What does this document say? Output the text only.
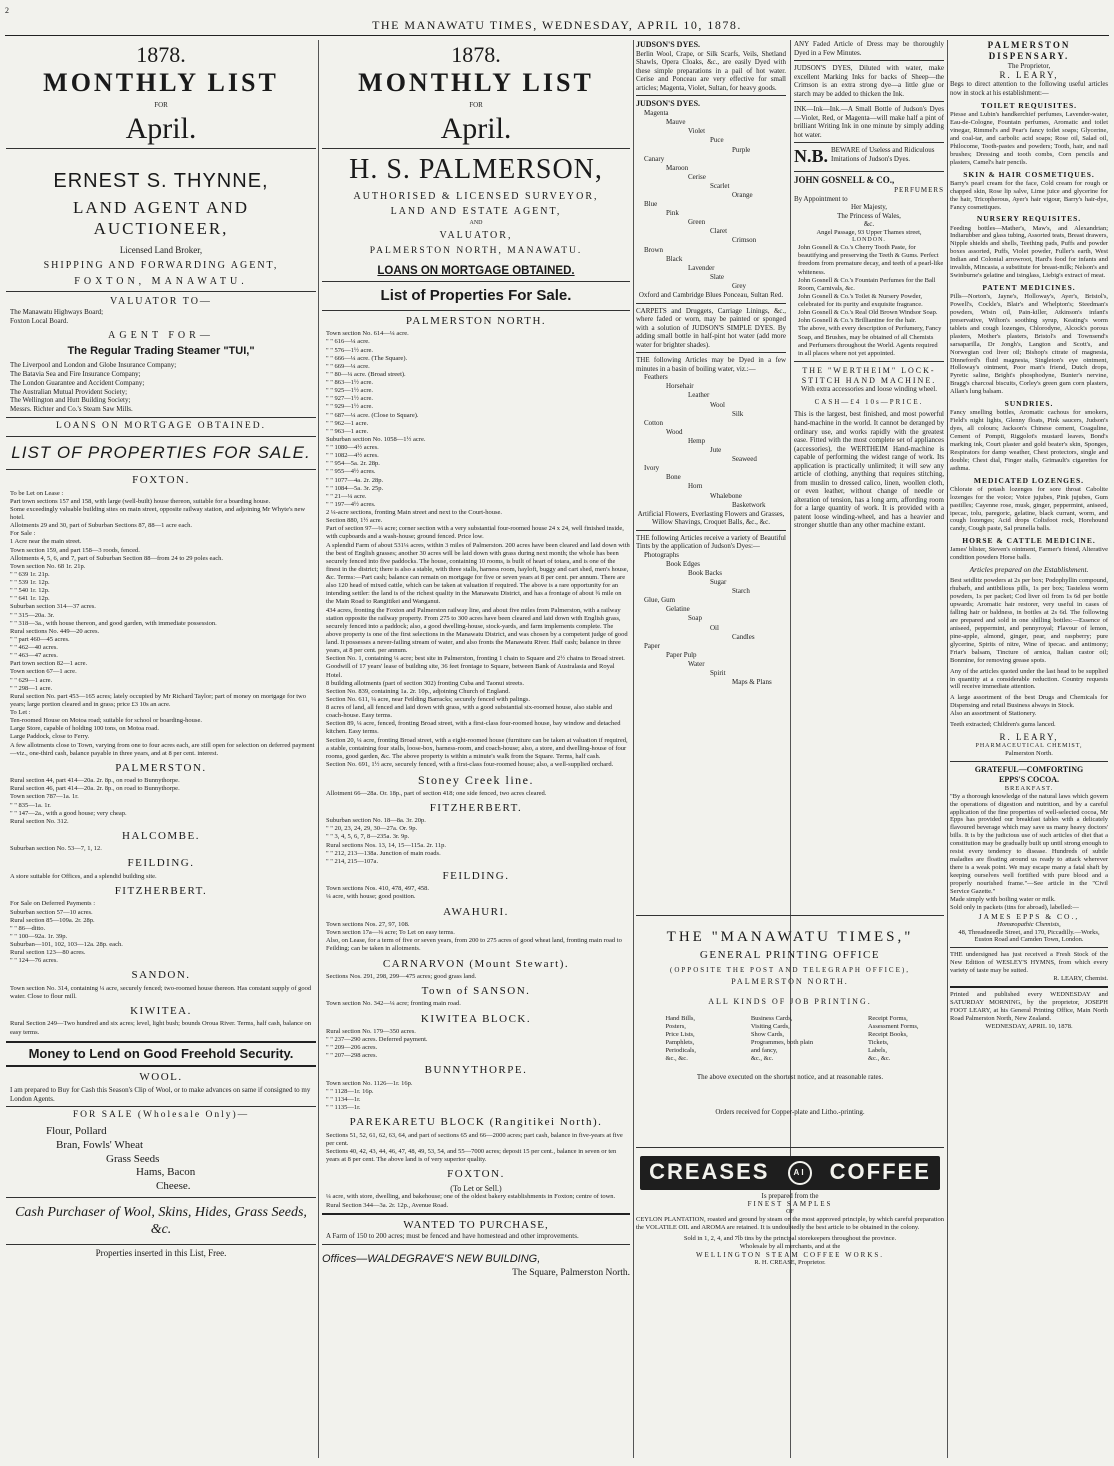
2
THE MANAWATU TIMES, WEDNESDAY, APRIL 10, 1878.
1878.
MONTHLY LIST
FOR
April.
ERNEST S. THYNNE,
LAND AGENT AND AUCTIONEER,
Licensed Land Broker,
SHIPPING AND FORWARDING AGENT,
FOXTON, MANAWATU.
VALUATOR TO—
The Manawatu Highways Board;
Foxton Local Board.
AGENT FOR—
The Regular Trading Steamer "TUI,"
The Liverpool and London and Globe Insurance Company;
The Batavia Sea and Fire Insurance Company;
The London Guarantee and Accident Company;
The Australian Mutual Provident Society;
The Wellington and Hutt Building Society;
Messrs. Richter and Co.'s Steam Saw Mills.
LOANS ON MORTGAGE OBTAINED.
LIST OF PROPERTIES FOR SALE.
FOXTON.
To be Let on Lease :
Part town sections 157 and 158, with large (well-built) house thereon, suitable for a boarding house.
Some exceedingly valuable building sites on main street, opposite railway station, and adjoining Mr Whyte's new hotel.
Allotments 29 and 30, part of Suburban Sections 87, 88—1 acre each.
For Sale :
1 Acre near the main street.
Town section 159, and part 158—3 roods, fenced.
Allotments 4, 5, 6, and 7, part of Suburban Section 88—from 24 to 29 poles each.
Town section No. 68 1r. 21p.
" " 639 1r. 21p.
" " 539 1r. 12p.
" " 540 1r. 12p.
" " 641 1r. 12p.
Suburban section 314—37 acres.
" " 315—20a. 3r.
" " 318—3a., with house thereon, and good garden, with immediate possession.
Rural sections No. 449—20 acres.
" " part 460—45 acres.
" " 462—40 acres.
" " 463—47 acres.
Part town section 82—1 acre.
Town section 67—1 acre.
" " 629—1 acre.
" " 298—1 acre.
Rural section No. part 453—165 acres; lately occupied by Mr Richard Taylor; part of money on mortgage for two years; large portion cleared and in grass; price £3 10s an acre.
To Let :
Ten-roomed House on Motoa road; suitable for school or boarding-house.
Large Store, capable of holding 100 tons, on Motoa road.
Large Paddock, close to Ferry.
A few allotments close to Town, varying from one to four acres each, are still open for selection on deferred payment—viz., one-third cash, balance payable in three years, and at 8 per cent. interest.
PALMERSTON.
Rural section 44, part 414—20a. 2r. 8p., on road to Bunnythorpe.
Rural section 46, part 414—20a. 2r. 8p., on road to Bunnythorpe.
Town section 787—1a. 1r.
" " 835—1a. 1r.
" " 147—2a., with a good house; very cheap.
Rural section No. 312.
HALCOMBE.
Suburban section No. 53—7, 1, 12.
FEILDING.
A store suitable for Offices, and a splendid building site.
FITZHERBERT.
For Sale on Deferred Payments :
Suburban section 57—10 acres.
Rural section 85—109a. 2r. 28p.
" " 86—ditto.
" " 100—92a. 1r. 39p.
Suburban—101, 102, 103—12a. 28p. each.
Rural section 123—80 acres.
" " 124—76 acres.
SANDON.
Town section No. 314, containing ¼ acre, securely fenced; two-roomed house thereon. Has constant supply of good water. Close to flour mill.
KIWITEA.
Rural Section 249—Two hundred and six acres; level, light bush; bounds Oroua River. Terms, half cash, balance on easy terms.
Money to Lend on Good Freehold Security.
WOOL.
I am prepared to Buy for Cash this Season's Clip of Wool, or to make advances on same if consigned to my London Agents.
FOR SALE (Wholesale Only)—
Flour, Pollard
Bran, Fowls' Wheat
Grass Seeds
Hams, Bacon
Cheese.
Cash Purchaser of Wool, Skins, Hides, Grass Seeds, &c.
Properties inserted in this List, Free.
1878.
MONTHLY LIST
FOR
April.
H. S. PALMERSON,
AUTHORISED & LICENSED SURVEYOR,
LAND AND ESTATE AGENT,
AND
VALUATOR,
PALMERSTON NORTH, MANAWATU.
LOANS ON MORTGAGE OBTAINED.
List of Properties For Sale.
PALMERSTON NORTH.
Town section No. 614—¼ acre.
" " 616—¼ acre.
" " 576—1½ acre.
" " 666—¼ acre. (The Square).
" " 669—¼ acre.
" " 80—¼ acre. (Broad street).
" " 863—1½ acre.
" " 925—1½ acre.
" " 927—1½ acre.
" " 929—1½ acre.
" " 687—¼ acre. (Close to Square).
" " 962—1 acre.
" " 963—1 acre.
Suburban section No. 1058—1½ acre.
" " 1080—4½ acres.
" " 1082—4½ acres.
" " 954—5a. 2r. 28p.
" " 955—4½ acres.
" " 1077—4a. 2r. 28p.
" " 1084—5a. 3r. 25p.
" " 21—¼ acre.
" " 197—4½ acres.
2 ¼-acre sections, fronting Main street and next to the Court-house.
Section 880, 1½ acre.
Part of section 97—¼ acre; corner section with a very substantial four-roomed house 24 x 24, well finished inside, with cupboards and a wash-house; ground fenced. Price low.
A splendid Farm of about 531¼ acres, within 3 miles of Palmerston. 200 acres have been cleared and laid down with the best of English grasses; another 30 acres will be laid down with grass during next month; the whole has been securely fenced into five paddocks. The house, containing 10 rooms, is built of heart of totara, and is one of the finest in the district; there is also a stable, with three stalls, harness room, hayloft, buggy and cart shed, men's house, &c. Terms:—Part cash; balance can remain on mortgage for five or seven years at 8 per cent. per annum. There are also 120 head of mixed cattle, which can be taken at valuation if required. The above is a rare opportunity for an intending settler: the land is of the richest quality in the Manawatu District, and has a frontage of about ¾ mile on the Main Road to Rangitikei and Wanganui.
434 acres, fronting the Foxton and Palmerston railway line, and about five miles from Palmerston, with a railway station opposite the railway property. From 275 to 300 acres have been cleared and laid down with English grass, securely fenced into a paddock; also, a good dwelling-house, stock-yards, and farm implements complete. The above property is one of the first selections in the Manawatu District, and was chosen by a competent judge of good land. It possesses a never-failing stream of water, and also fronts the Manawatu River. Half cash; balance in three years, at 8 per cent. per annum.
Section No. 1, containing ¼ acre; best site in Palmerston, fronting 1 chain to Square and 2½ chains to Broad street.
Goodwill of 17 years' lease of building site, 36 feet frontage to Square, between Bank of Australasia and Royal Hotel.
8 building allotments (part of section 302) fronting Cuba and Taonui streets.
Section No. 839, containing 1a. 2r. 10p., adjoining Church of England.
Section No. 611, ¼ acre, near Feilding Barracks; securely fenced with palings.
8 acres of land, all fenced and laid down with grass, with a good substantial six-roomed house, also stable and coach-house. Easy terms.
Section 89, ¼ acre, fenced, fronting Broad street, with a first-class four-roomed house, bay window and detached kitchen. Easy terms.
Section 20, ¼ acre, fronting Broad street, with a eight-roomed house (furniture can be taken at valuation if required, a stable, containing four stalls, loose-box, harness-room, and coach-house; also, a store, and dwelling-house of four rooms, good garden, &c. The above property is within a minute's walk from the Square. Terms, half cash.
Section No. 691, 1½ acre, securely fenced, with a first-class four-roomed house; also, a well-supplied orchard.
Stoney Creek line.
Allotment 66—28a. Or. 18p., part of section 418; one side fenced, two acres cleared.
FITZHERBERT.
Suburban section No. 18—8a. 3r. 20p.
" " 20, 23, 24, 29, 30—27a. Or. 9p.
" " 3, 4, 5, 6, 7, 8—235a. 3r. 9p.
Rural sections Nos. 13, 14, 15—115a. 2r. 11p.
" " 212, 213—138a. Junction of main roads.
" " 214, 215—107a.
FEILDING.
Town sections Nos. 410, 478, 497, 458.
¼ acre, with house; good position.
AWAHURI.
Town sections Nos. 27, 97, 108.
Town section 17a—¼ acre; To Let on easy terms.
Also, on Lease, for a term of five or seven years, from 200 to 275 acres of good wheat land, fronting main road to Feilding; can be taken in allotments.
CARNARVON (Mount Stewart).
Sections Nos. 291, 298, 299—475 acres; good grass land.
Town of SANSON.
Town section No. 342—¼ acre; fronting main road.
KIWITEA BLOCK.
Rural section No. 179—350 acres.
" " 237—290 acres. Deferred payment.
" " 209—206 acres.
" " 207—298 acres.
BUNNYTHORPE.
Town section No. 1126—1r. 16p.
" " 1128—1r. 16p.
" " 1134—1r.
" " 1135—1r.
PAREKARETU BLOCK (Rangitikei North).
Sections 51, 52, 61, 62, 63, 64, and part of sections 65 and 66—2000 acres; part cash, balance in five-years at five per cent.
Sections 40, 42, 43, 44, 46, 47, 48, 49, 53, 54, and 55—7000 acres; deposit 15 per cent., balance in seven or ten years at 8 per cent. The above land is of very superior quality.
FOXTON.
(To Let or Sell.)
¼ acre, with store, dwelling, and bakehouse; one of the oldest bakery establishments in Foxton; centre of town.
Rural Section 344—3a. 2r. 12p., Avenue Road.
WANTED TO PURCHASE,
A Farm of 150 to 200 acres; must be fenced and have homestead and other improvements.
Offices—WALDEGRAVE'S NEW BUILDING,
The Square, Palmerston North.
JUDSON'S DYES.
Berlin Wool, Crape, or Silk Scarfs, Veils, Shetland Shawls, Opera Cloaks, &c., are easily Dyed with these simple preparations in a pail of hot water. Cerise and Ponceau are very effective for small articles; Magenta, Violet, Sultan, for heavy goods.
JUDSON'S DYES.
Magenta
Mauve
Violet
Puce
Purple
Canary
Maroon
Cerise
Scarlet
Orange
Blue
Pink
Green
Claret
Crimson
Brown
Black
Lavender
Slate
Grey
Oxford and Cambridge Blues Ponceau, Sultan Red.
CARPETS and Druggets, Carriage Linings, &c., where faded or worn, may be painted or sponged with a solution of JUDSON'S SIMPLE DYES. By adding small bottle in half-pint hot water (add more water for brighter shades).
THE following Articles may be Dyed in a few minutes in a basin of boiling water, viz.:—
Feathers
Horsehair
Leather
Wool
Silk
Cotton
Wood
Hemp
Jute
Seaweed
Ivory
Bone
Horn
Whalebone
Basketwork
Artificial Flowers, Everlasting Flowers and Grasses, Willow Shavings, Croquet Balls, &c., &c.
THE following Articles receive a variety of Beautiful Tints by the application of Judson's Dyes:—
Photographs
Book Edges
Book Backs
Sugar
Starch
Glue, Gum
Gelatine
Soap
Oil
Candles
Paper
Paper Pulp
Water
Spirit
Maps & Plans
ANY Faded Article of Dress may be thoroughly Dyed in a Few Minutes.
JUDSON'S DYES, Diluted with water, make excellent Marking Inks for backs of Sheep—the Crimson is an extra strong dye—a little glue or starch may be added to thicken the Ink.
INK—Ink—Ink.—A Small Bottle of Judson's Dyes—Violet, Red, or Magenta—will make half a pint of brilliant Writing Ink in one minute by simply adding hot water.
N.B. BEWARE of Useless and Ridiculous Imitations of Judson's Dyes.
JOHN GOSNELL & CO.,
PERFUMERS
By Appointment to
Her Majesty,
The Princess of Wales,
&c.
Angel Passage, 93 Upper Thames street,
LONDON.
John Gosnell & Co.'s Cherry Tooth Paste, for beautifying and preserving the Teeth & Gums. Perfect freedom from premature decay, and teeth of a pearl-like whiteness.
John Gosnell & Co.'s Fountain Perfumes for the Ball Room, Carnivals, &c.
John Gosnell & Co.'s Toilet & Nursery Powder, celebrated for its purity and exquisite fragrance.
John Gosnell & Co.'s Real Old Brown Windsor Soap.
John Gosnell & Co.'s Brilliantine for the hair.
The above, with every description of Perfumery, Fancy Soap, and Brushes, may be obtained of all Chemists and Perfumers throughout the World. Agents required in all places where not yet appointed.
THE "WERTHEIM" LOCK-STITCH HAND MACHINE.
With extra accessories and loose winding wheel.
CASH—£4 10s—PRICE.
This is the largest, best finished, and most powerful hand-machine in the world. It cannot be deranged by ordinary use, and works rapidly with the greatest ease. Fitted with the most complete set of appliances (accessories), the WERTHEIM Hand-machine is capable of performing the widest range of work. Its application is practically unlimited; it will sew any article of clothing, anything that requires stitching, from muslin to dressed calico, linen, woollen cloth, or even leather, without change of needle or alteration of tension, has a long arm, affording room for a large quantity of work. It is provided with a patent loose winding-wheel, and has a heavier and stronger shuttle than any other machine extant.
THE "MANAWATU TIMES,"
GENERAL PRINTING OFFICE
(OPPOSITE THE POST AND TELEGRAPH OFFICE),
PALMERSTON NORTH.
ALL KINDS OF JOB PRINTING.
Hand Bills,
Posters,
Price Lists,
Pamphlets,
Periodicals,
&c., &c.
Business Cards,
Visiting Cards,
Show Cards,
Programmes, both plain
and fancy,
&c., &c.
Receipt Forms,
Assessment Forms,
Receipt Books,
Tickets,
Labels,
&c., &c.
The above executed on the shortest notice, and at reasonable rates.
Orders received for Copper-plate and Litho.-printing.
CREASES	AI COFFEE
Is prepared from the
FINEST SAMPLES
OF
CEYLON PLANTATION, roasted and ground by steam on the most approved principle, by which careful preparation the VOLATILE OIL and AROMA are retained. It is undoubtedly the best article to be obtained in the colony.
Sold in 1, 2, 4, and 7lb tins by the principal storekeepers throughout the province.
Wholesale by all merchants, and at the
WELLINGTON STEAM COFFEE WORKS.
R. H. CREASE, Proprietor.
PALMERSTON DISPENSARY.
The Proprietor,
R. LEARY,
Begs to direct attention to the following useful articles now in stock at his establishment:—
TOILET REQUISITES.
Piesse and Lubin's handkerchief perfumes, Lavender-water, Eau-de-Cologne, Fountain perfumes, Aromatic and toilet vinegar, Rimmel's and Pear's fancy toilet soaps; Glycerine, and coal-tar, and carbolic acid soaps; Rose oil, Salad oil, Philocome, Tooth-pastes and powders; Tooth, hair, and nail brushes; Dressing and tooth combs, Corn pencils and plasters, Camel's hair pencils.
SKIN & HAIR COSMETIQUES.
Barry's pearl cream for the face, Cold cream for rough or chapped skin, Rose lip salve, Lime juice and glycerine for the hair, Tricopherous, Ayer's hair vigour, Barry's hair-dye, Fancy cosmetiques.
NURSERY REQUISITES.
Feeding bottles—Mather's, Maw's, and Alexandrian; Indiarubber and glass tubing, Assorted teats, Breast drawers, Nipple shields and shells, Teething pads, Puffs and powder boxes assorted, Puffs, Violet powder, Fuller's earth, West Indian and Colonial arrowroot, Hard's food for infants and invalids, Mincasia, a substitute for breast-milk; Nelson's and Swinburne's gelatine and isinglass, Liebig's extract of meat.
PATENT MEDICINES.
Pills—Norton's, Jayne's, Holloway's, Ayer's, Bristol's, Powell's, Cockle's, Blair's and Whelpton's; Steedman's powders, Wisin oil, Pain-killer, Atkinson's infant's preservative, Wilton's soothing syrup, Keating's worm tablets and cough lozenges, Chlorodyne, Alcock's porous plasters, Mother's plasters, Bristol's and Townsend's sarsaparilla, Dr Jongh's, Langton and Scott's, and Norwegian cod liver oil; Bishop's citrate of magnesia, Dinneford's fluid magnesia, Singleton's eye ointment, Holloway's ointment, Poor man's friend, Dutch drops, Pyretic saline, Bright's phosphodyne, Bunter's nervine, Bragg's charcoal biscuits, Corley's green gum corn plasters, Allan's lung balsam.
SUNDRIES.
Fancy smelling bottles, Aromatic cachous for smokers, Field's night lights, Glenny floats, Pink saucers, Judson's dyes, all colours; Jackson's Chinese cement, Coaguline, Cement of Pompii, Riggolot's mustard leaves, Bond's marking ink, Court plaster and gold beater's skin, Sponges, Respirators for damp weather, Chest protectors, single and double; Chest dial, Finger stalls, Grimault's cigarettes for asthma.
MEDICATED LOZENGES.
Chlorate of potash lozenges for sore throat Cabolite lozenges for the voice; Voice jujubes, Pink jujubes, Gum pastilles; Cayenne rose, musk, ginger, peppermint, aniseed, ipecac, tolu, paregoric, gelatine, black currant, worm, and cough lozenges; Acid drops Coltsfoot rock, Horehound candy, Cough paste, Sal prunella balls.
HORSE & CATTLE MEDICINE.
James' blister, Steven's ointment, Farmer's friend, Alterative condition powders Horse balls.
Articles prepared on the Establishment.
Best seidlitz powders at 2s per box; Podophyllin compound, rhubarb, and antibilious pills, 1s per box; Tasteless worm powders, 1s per packet; Cod liver oil from 1s 6d per bottle upwards; Aromatic hair restorer, very useful in cases of falling hair or baldness, in bottles at 2s 6d. The following are prepared and sold in one shilling bottles:—Essence of aniseed, peppermint, and pennyroyal; Flavour of lemon, pine-apple, almond, ginger, pear, and raspberry; pure glycerine, Spirits of nitre, Wine of ipecac. and antimony; Friar's balsam, Tincture of arnica, Italian castor oil; Bonmine, for removing grease spots.
Any of the articles quoted under the last head to be supplied in quantity at a considerable reduction. Country requests will receive immediate attention.
A large assortment of the best Drugs and Chemicals for Dispensing and retail Business always in Stock.
Also an assortment of Stationery.
Teeth extracted; Children's gums lanced.
R. LEARY,
PHARMACEUTICAL CHEMIST,
Palmerston North.
GRATEFUL—COMFORTING
EPPS'S COCOA.
BREAKFAST.
"By a thorough knowledge of the natural laws which govern the operations of digestion and nutrition, and by a careful application of the fine properties of well-selected cocoa, Mr Epps has provided our breakfast tables with a delicately flavoured beverage which may save us many heavy doctors' bills. It is by the judicious use of such articles of diet that a constitution may be gradually built up until strong enough to resist every tendency to disease. Hundreds of subtle maladies are floating around us ready to attack wherever there is a weak point. We may escape many a fatal shaft by keeping ourselves well fortified with pure blood and a properly nourished frame."—See article in the "Civil Service Gazette."
Made simply with boiling water or milk.
Sold only in packets (tins for abroad), labelled:—
JAMES EPPS & CO.,
Homœopathic Chemists,
48, Threadneedle Street, and 170, Piccadilly.—Works, Euston Road and Camden Town, London.
THE undersigned has just received a Fresh Stock of the New Edition of WESLEY'S HYMNS, from which every variety of taste may be suited.
R. LEARY, Chemist.
Printed and published every WEDNESDAY and SATURDAY MORNING, by the proprietor, JOSEPH FOOT LEARY, at his General Printing Office, Main North Road Palmerston North, New Zealand.
WEDNESDAY, APRIL 10, 1878.
